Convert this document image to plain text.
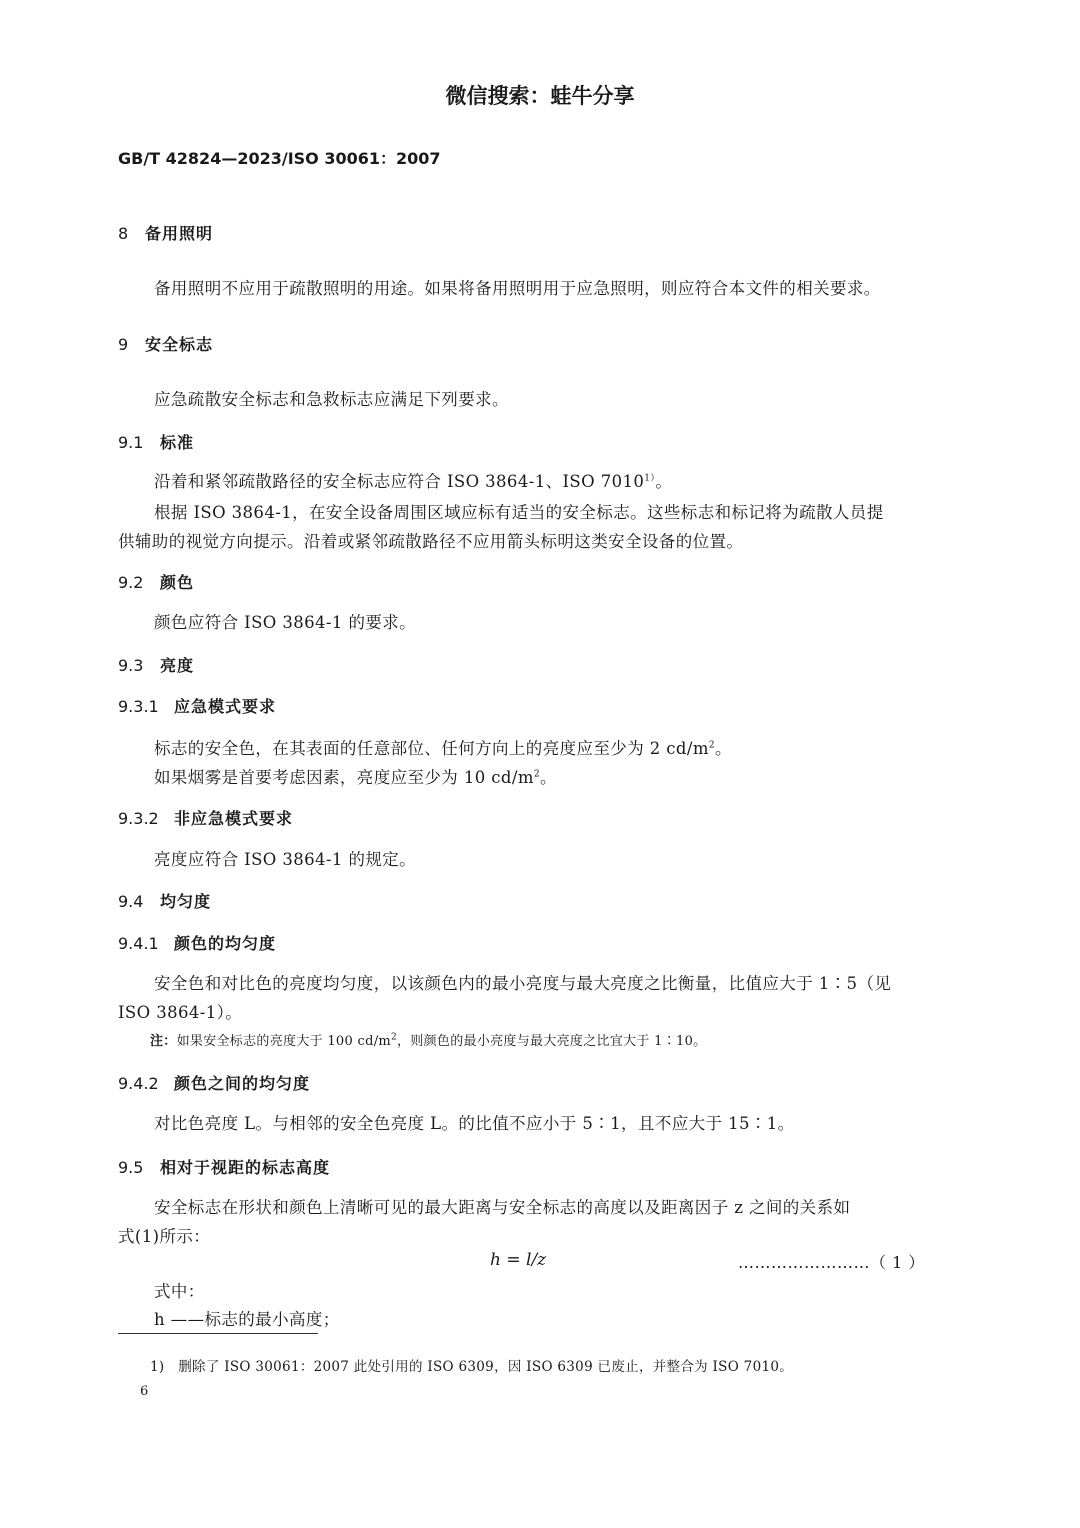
微信搜索：蛙牛分享
GB/T 42824—2023/ISO 30061：2007
8 备用照明
备用照明不应用于疏散照明的用途。如果将备用照明用于应急照明，则应符合本文件的相关要求。
9 安全标志
应急疏散安全标志和急救标志应满足下列要求。
9.1 标准
沿着和紧邻疏散路径的安全标志应符合 ISO 3864-1、ISO $7010^{1)}$。
根据 ISO 3864-1，在安全设备周围区域应标有适当的安全标志。这些标志和标记将为疏散人员提
供辅助的视觉方向提示。沿着或紧邻疏散路径不应用箭头标明这类安全设备的位置。
9.2 颜色
颜色应符合 ISO 3864-1 的要求。
9.3 亮度
9.3.1 应急模式要求
标志的安全色，在其表面的任意部位、任何方向上的亮度应至少为 2 $cd/m^2$。
如果烟雾是首要考虑因素，亮度应至少为 10 $cd/m^2$。
9.3.2 非应急模式要求
亮度应符合 ISO 3864-1 的规定。
9.4 均匀度
9.4.1 颜色的均匀度
安全色和对比色的亮度均匀度，以该颜色内的最小亮度与最大亮度之比衡量，比值应大于 1∶5（见
ISO 3864-1）。
注：如果安全标志的亮度大于 100 $cd/m^2$，则颜色的最小亮度与最大亮度之比宜大于 1∶10。
9.4.2 颜色之间的均匀度
对比色亮度 L。与相邻的安全色亮度 L。的比值不应小于 5∶1，且不应大于 15∶1。
9.5 相对于视距的标志高度
安全标志在形状和颜色上清晰可见的最大距离与安全标志的高度以及距离因子 z 之间的关系如
式(1)所示：
h = l/z	……………………（ 1 ）
式中：
h ——标志的最小高度；
1)　删除了 ISO 30061：2007 此处引用的 ISO 6309，因 ISO 6309 已废止，并整合为 ISO 7010。
6
